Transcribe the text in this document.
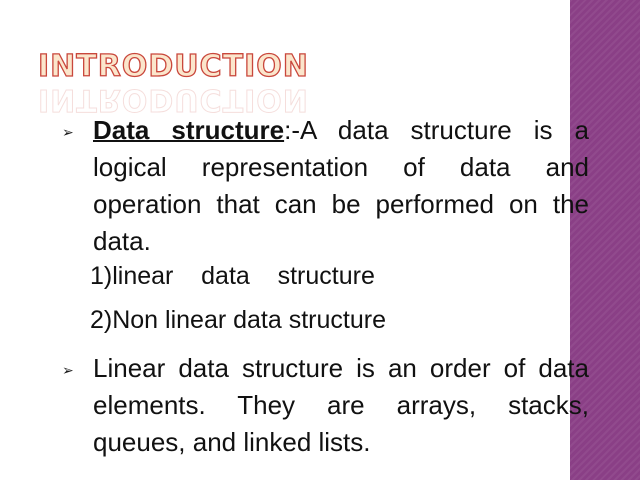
INTRODUCTION
INTRODUCTION
➢ Data structure:-A data structure is a logical representation of data and operation that can be performed on the data.
1)linear    data    structure
2)Non linear data structure
➢ Linear data structure is an order of data elements. They are arrays, stacks, queues, and linked lists.
